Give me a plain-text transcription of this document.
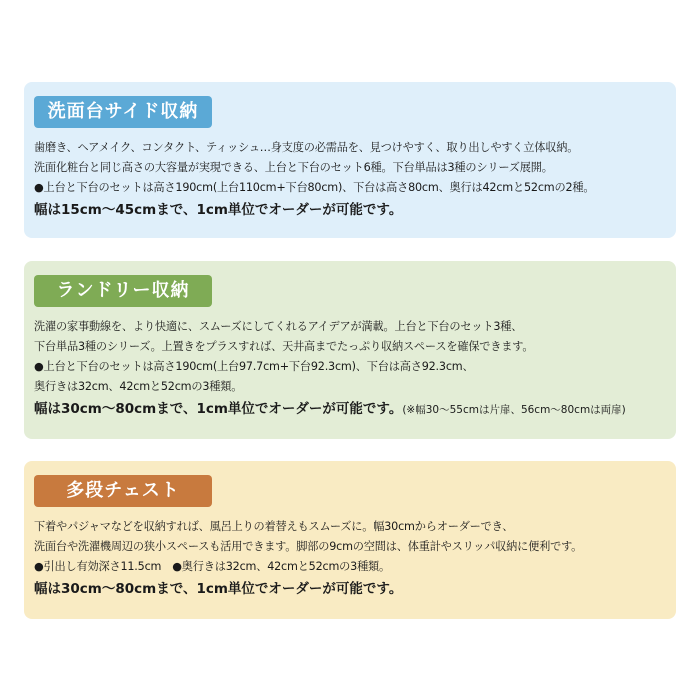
洗面台サイド収納
歯磨き、ヘアメイク、コンタクト、ティッシュ…身支度の必需品を、見つけやすく、取り出しやすく立体収納。
洗面化粧台と同じ高さの大容量が実現できる、上台と下台のセット6種。下台単品は3種のシリーズ展開。
●上台と下台のセットは高さ190cm(上台110cm+下台80cm)、下台は高さ80cm、奥行は42cmと52cmの2種。
幅は15cm〜45cmまで、1cm単位でオーダーが可能です。
ランドリー収納
洗濯の家事動線を、より快適に、スムーズにしてくれるアイデアが満載。上台と下台のセット3種、
下台単品3種のシリーズ。上置きをプラスすれば、天井高までたっぷり収納スペースを確保できます。
●上台と下台のセットは高さ190cm(上台97.7cm+下台92.3cm)、下台は高さ92.3cm、
奥行きは32cm、42cmと52cmの3種類。
幅は30cm〜80cmまで、1cm単位でオーダーが可能です。(※幅30〜55cmは片扉、56cm〜80cmは両扉)
多段チェスト
下着やパジャマなどを収納すれば、風呂上りの着替えもスムーズに。幅30cmからオーダーでき、
洗面台や洗濯機周辺の狭小スペースも活用できます。脚部の9cmの空間は、体重計やスリッパ収納に便利です。
●引出し有効深さ11.5cm　●奥行きは32cm、42cmと52cmの3種類。
幅は30cm〜80cmまで、1cm単位でオーダーが可能です。
